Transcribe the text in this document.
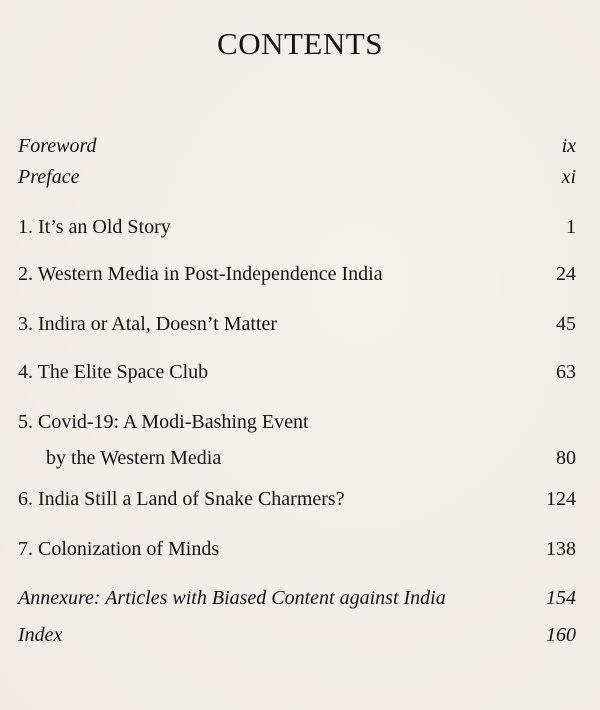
CONTENTS
Foreword	ix
Preface	xi
1. It’s an Old Story	1
2. Western Media in Post-Independence India	24
3. Indira or Atal, Doesn’t Matter	45
4. The Elite Space Club	63
5. Covid-19: A Modi-Bashing Event
by the Western Media	80
6. India Still a Land of Snake Charmers?	124
7. Colonization of Minds	138
Annexure: Articles with Biased Content against India	154
Index	160
